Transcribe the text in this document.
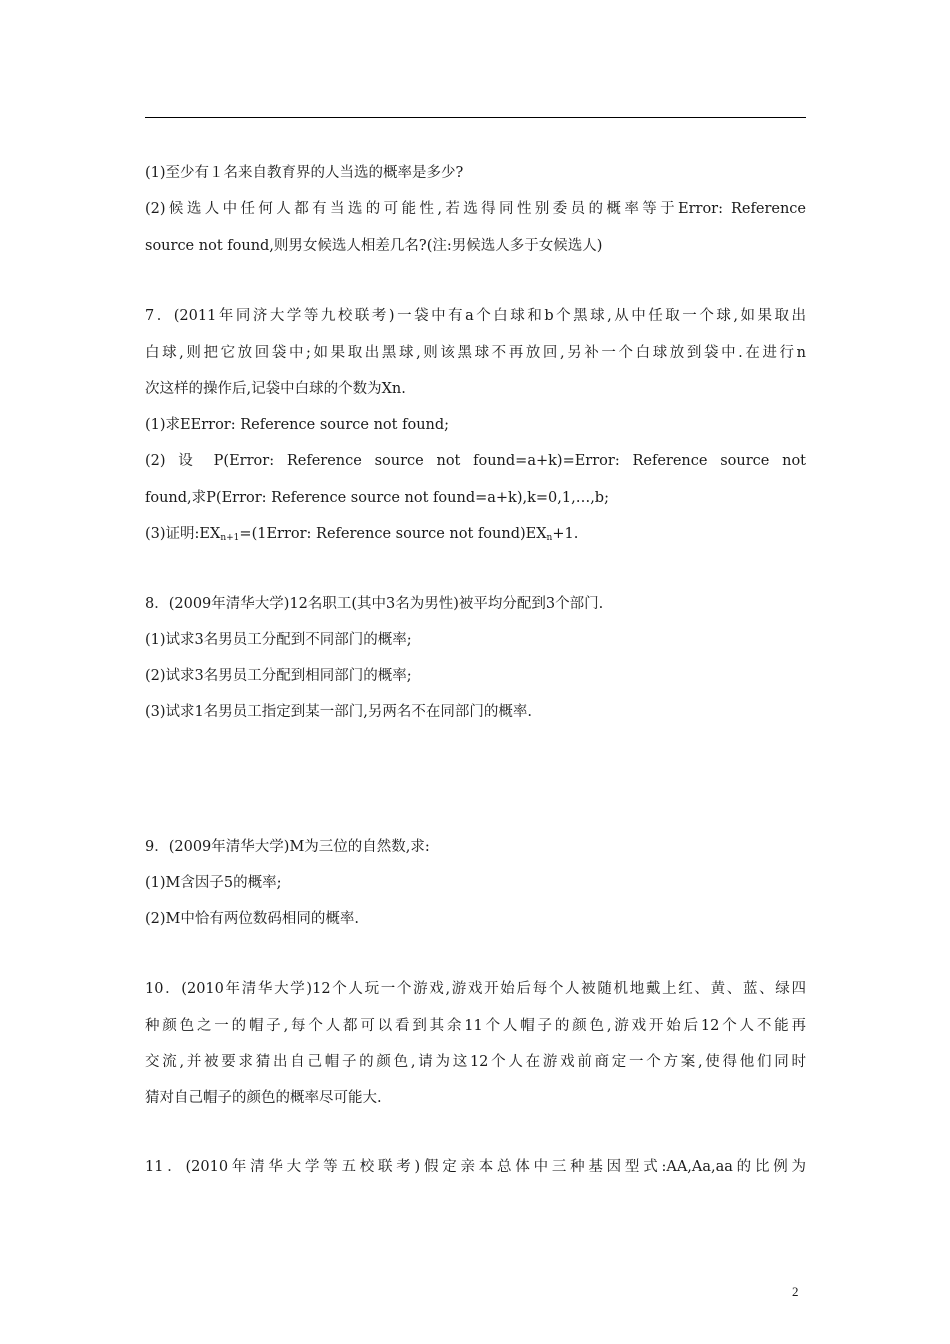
(1)至少有１名来自教育界的人当选的概率是多少?
(2)候选人中任何人都有当选的可能性,若选得同性别委员的概率等于Error: Reference
source not found,则男女候选人相差几名?(注:男候选人多于女候选人)
7．(2011年同济大学等九校联考)一袋中有a个白球和b个黑球,从中任取一个球,如果取出
白球,则把它放回袋中;如果取出黑球,则该黑球不再放回,另补一个白球放到袋中.在进行n
次这样的操作后,记袋中白球的个数为Xn.
(1)求EError: Reference source not found;
(2) 设 P(Error: Reference source not found=a+k)=Error: Reference source not
found,求P(Error: Reference source not found=a+k),k=0,1,…,b;
(3)证明$:EX_{n+1}=(1Error$: Reference source not $found)EX_n+1$.
8．(2009年清华大学)12名职工(其中3名为男性)被平均分配到3个部门.
(1)试求3名男员工分配到不同部门的概率;
(2)试求3名男员工分配到相同部门的概率;
(3)试求1名男员工指定到某一部门,另两名不在同部门的概率.
9．(2009年清华大学)M为三位的自然数,求:
(1)M含因子5的概率;
(2)M中恰有两位数码相同的概率.
10．(2010年清华大学)12个人玩一个游戏,游戏开始后每个人被随机地戴上红、黄、蓝、绿四
种颜色之一的帽子,每个人都可以看到其余11个人帽子的颜色,游戏开始后12个人不能再
交流,并被要求猜出自己帽子的颜色,请为这12个人在游戏前商定一个方案,使得他们同时
猜对自己帽子的颜色的概率尽可能大.
11．(2010年清华大学等五校联考)假定亲本总体中三种基因型式:AA,Aa,aa的比例为
2
